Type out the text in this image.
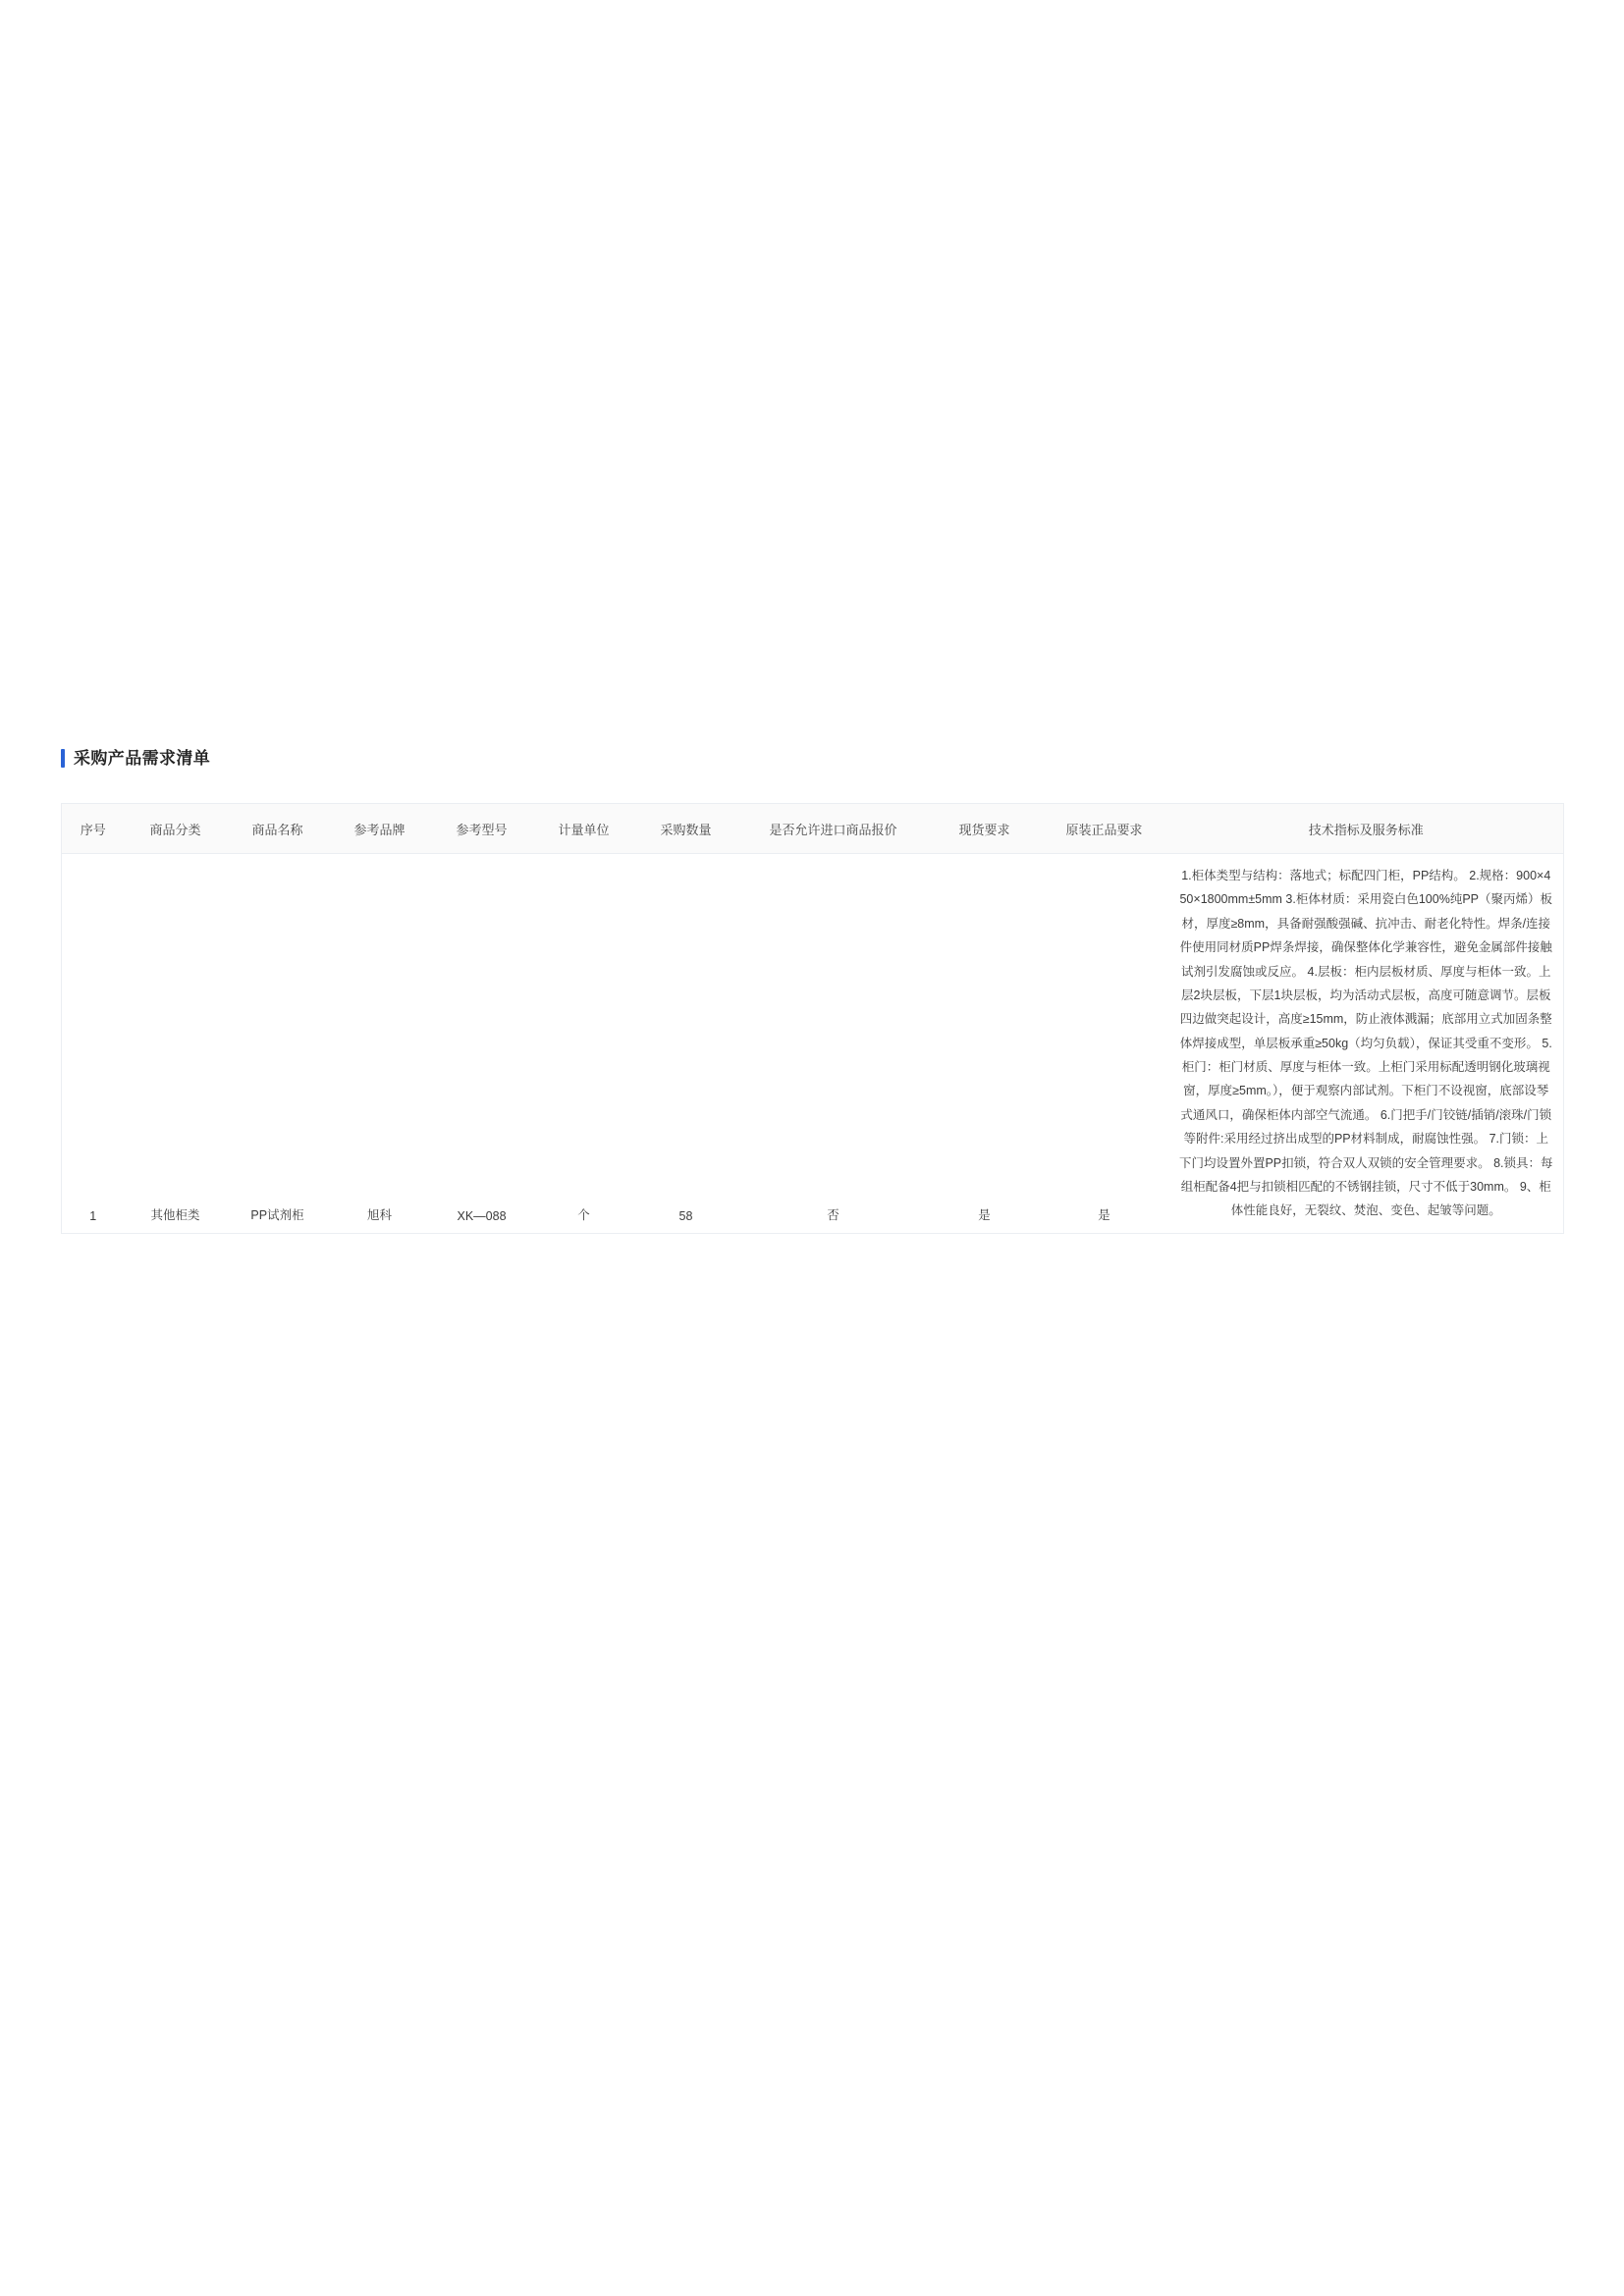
采购产品需求清单
序号	商品分类	商品名称	参考品牌	参考型号	计量单位	采购数量	是否允许进口商品报价	现货要求	原装正品要求	技术指标及服务标准
1	其他柜类	PP试剂柜	旭科	XK—088	个	58	否	是	是	1.柜体类型与结构：落地式；标配四门柜，PP结构。 2.规格：900×450×1800mm±5mm 3.柜体材质：采用瓷白色100%纯PP（聚丙烯）板材，厚度≥8mm，具备耐强酸强碱、抗冲击、耐老化特性。焊条/连接件使用同材质PP焊条焊接，确保整体化学兼容性，避免金属部件接触试剂引发腐蚀或反应。 4.层板：柜内层板材质、厚度与柜体一致。上层2块层板，下层1块层板，均为活动式层板，高度可随意调节。层板四边做突起设计，高度≥15mm，防止液体溅漏；底部用立式加固条整体焊接成型，单层板承重≥50kg（均匀负载），保证其受重不变形。 5.柜门：柜门材质、厚度与柜体一致。上柜门采用标配透明钢化玻璃视窗，厚度≥5mm。），便于观察内部试剂。下柜门不设视窗，底部设琴式通风口，确保柜体内部空气流通。 6.门把手/门铰链/插销/滚珠/门锁等附件:采用经过挤出成型的PP材料制成，耐腐蚀性强。 7.门锁：上下门均设置外置PP扣锁，符合双人双锁的安全管理要求。 8.锁具：每组柜配备4把与扣锁相匹配的不锈钢挂锁，尺寸不低于30mm。 9、柜体性能良好，无裂纹、焚泡、变色、起皱等问题。
